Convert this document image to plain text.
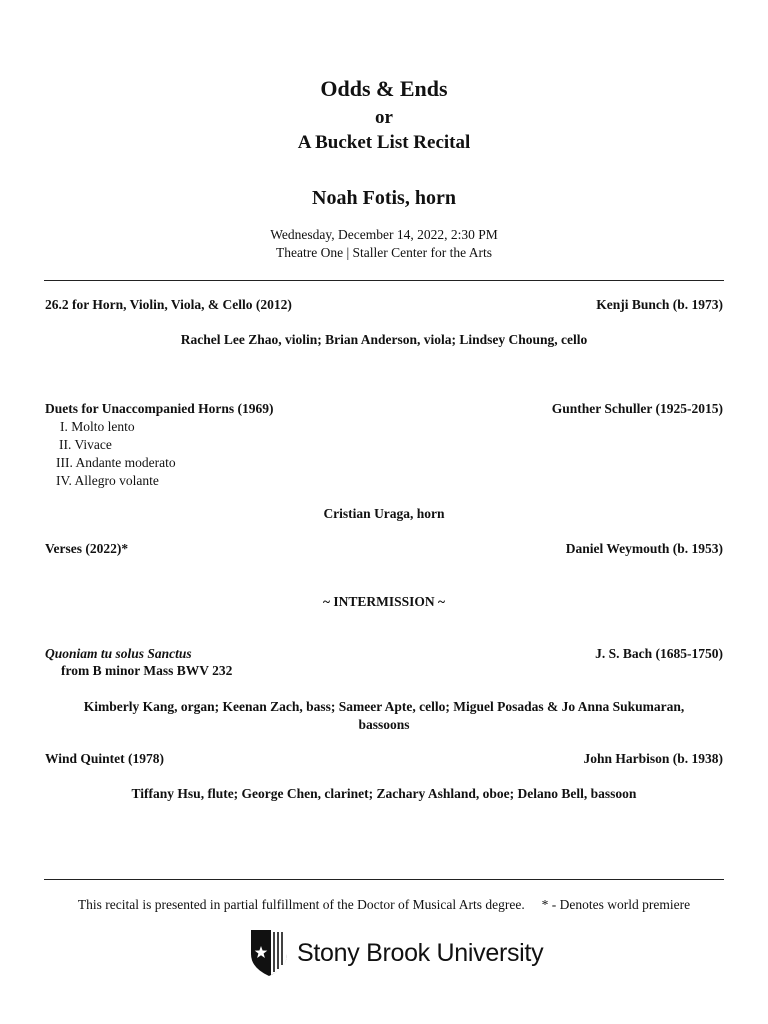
Odds & Ends
or
A Bucket List Recital
Noah Fotis, horn
Wednesday, December 14, 2022, 2:30 PM
Theatre One | Staller Center for the Arts
26.2 for Horn, Violin, Viola, & Cello (2012)	Kenji Bunch (b. 1973)
Rachel Lee Zhao, violin; Brian Anderson, viola; Lindsey Choung, cello
Duets for Unaccompanied Horns (1969)	Gunther Schuller (1925-2015)
I. Molto lento
II. Vivace
III. Andante moderato
IV. Allegro volante
Cristian Uraga, horn
Verses (2022)*	Daniel Weymouth (b. 1953)
~ INTERMISSION ~
Quoniam tu solus Sanctus	J. S. Bach (1685-1750)
from B minor Mass BWV 232
Kimberly Kang, organ; Keenan Zach, bass; Sameer Apte, cello; Miguel Posadas & Jo Anna Sukumaran,
bassoons
Wind Quintet (1978)	John Harbison (b. 1938)
Tiffany Hsu, flute; George Chen, clarinet; Zachary Ashland, oboe; Delano Bell, bassoon
This recital is presented in partial fulfillment of the Doctor of Musical Arts degree. * - Denotes world premiere
Stony Brook University
